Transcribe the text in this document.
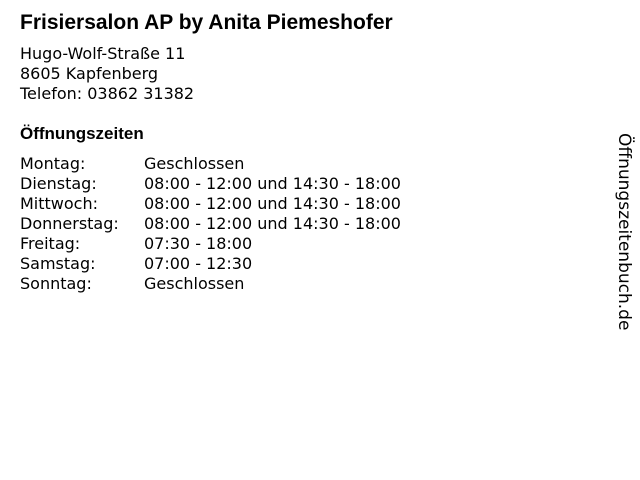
Frisiersalon AP by Anita Piemeshofer
Hugo-Wolf-Straße 11
8605 Kapfenberg
Telefon: 03862 31382
Öffnungszeiten
Montag:	Geschlossen
Dienstag:	08:00 - 12:00 und 14:30 - 18:00
Mittwoch:	08:00 - 12:00 und 14:30 - 18:00
Donnerstag:	08:00 - 12:00 und 14:30 - 18:00
Freitag:	07:30 - 18:00
Samstag:	07:00 - 12:30
Sonntag:	Geschlossen	Öffnungszeitenbuch.de
